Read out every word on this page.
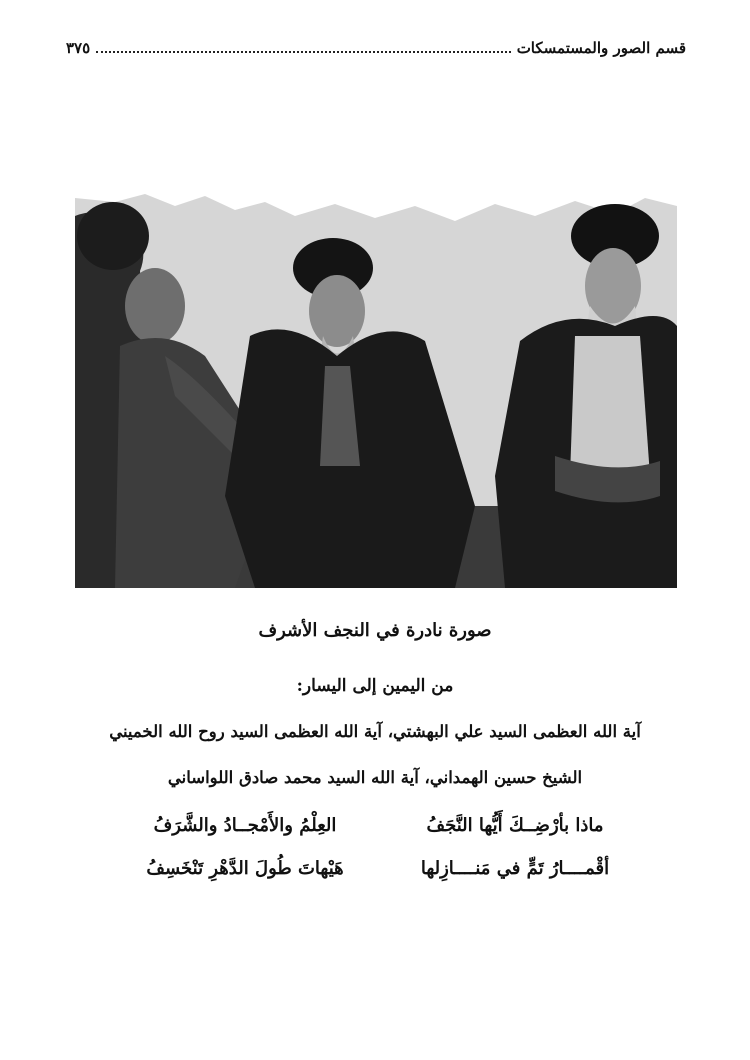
قسم الصور والمستمسكات
٣٧٥
صورة نادرة في النجف الأشرف
من اليمين إلى اليسار:
آية الله العظمى السيد علي البهشتي، آية الله العظمى السيد روح الله الخميني
الشيخ حسين الهمداني، آية الله السيد محمد صادق اللواساني
ماذا بأرْضِــكَ أَيُّها النَّجَفُ
العِلْمُ والأَمْجــادُ والشَّرَفُ
أقْمــــارُ تَمٍّ في مَنــــازِلها
هَيْهاتَ طُولَ الدَّهْرِ تَنْخَسِفُ
